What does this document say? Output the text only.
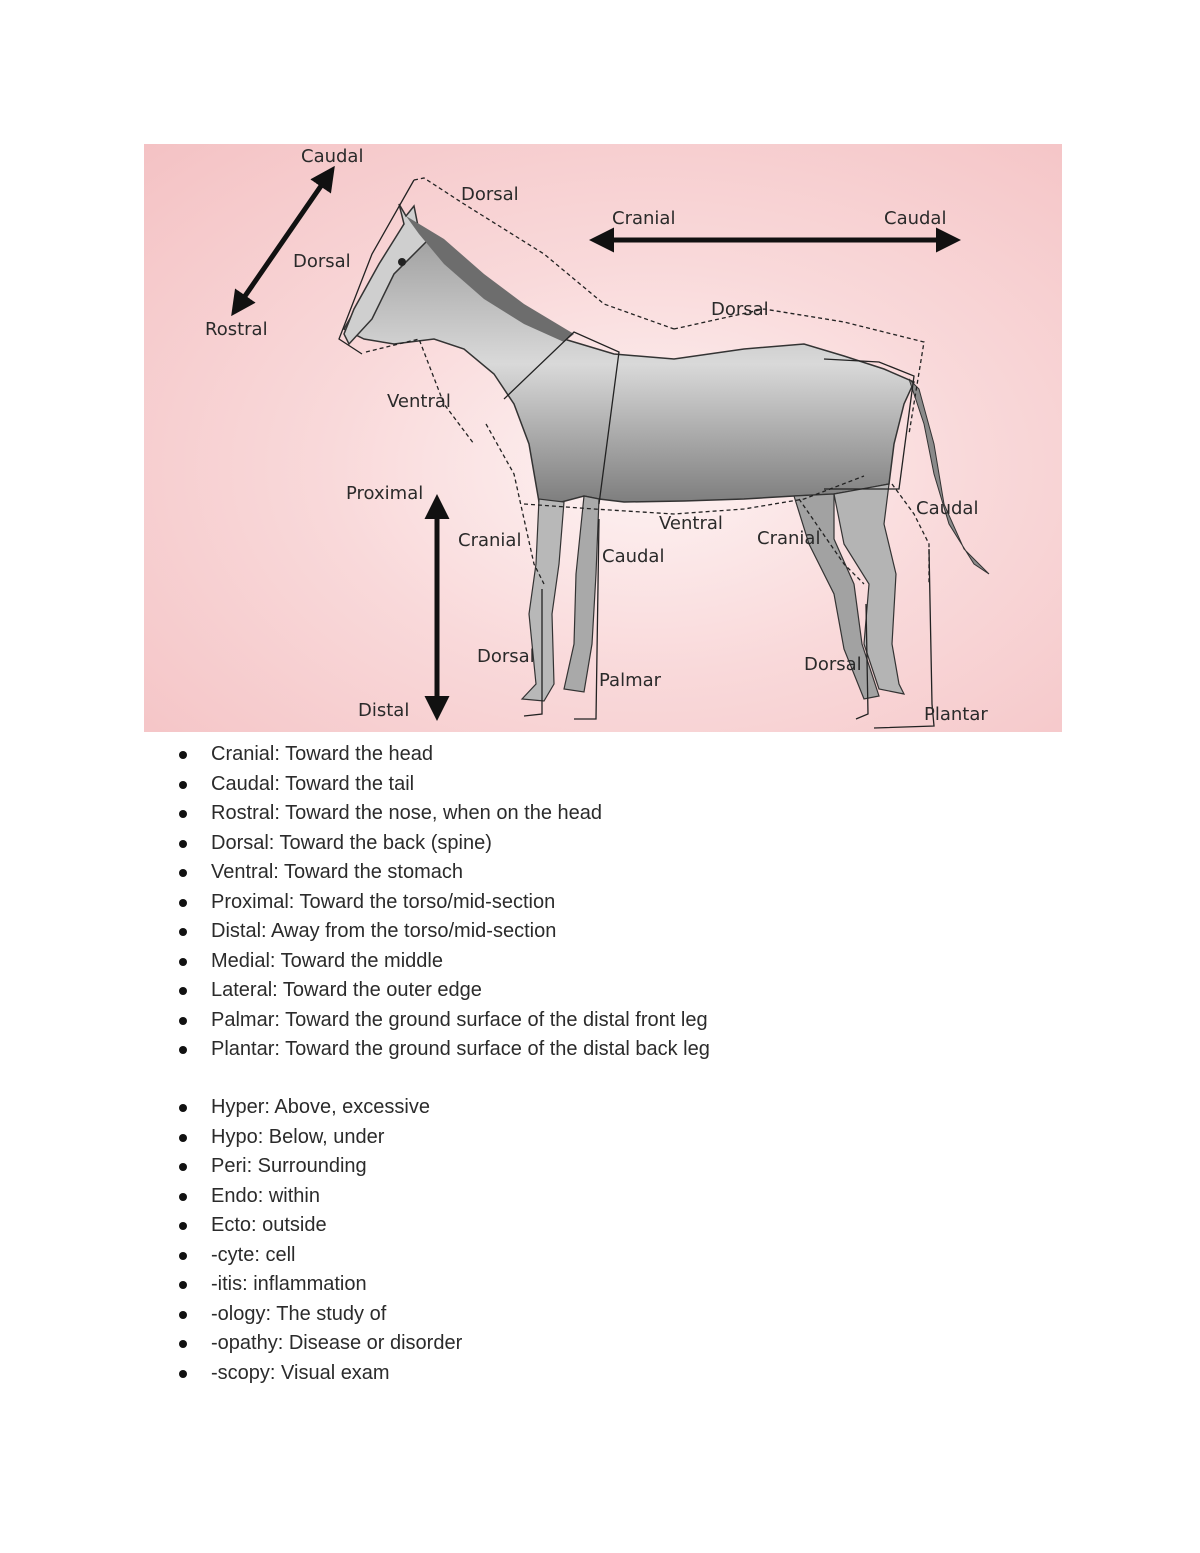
Caudal
Dorsal
Dorsal
Rostral
Cranial	Caudal
Dorsal
Ventral
Proximal
Distal
Cranial
Caudal
Ventral
Cranial
Caudal
Dorsal
Palmar
Dorsal
Plantar
Cranial: Toward the head
Caudal: Toward the tail
Rostral: Toward the nose, when on the head
Dorsal: Toward the back (spine)
Ventral: Toward the stomach
Proximal: Toward the torso/mid-section
Distal: Away from the torso/mid-section
Medial: Toward the middle
Lateral: Toward the outer edge
Palmar: Toward the ground surface of the distal front leg
Plantar: Toward the ground surface of the distal back leg
Hyper: Above, excessive
Hypo: Below, under
Peri: Surrounding
Endo: within
Ecto: outside
-cyte: cell
-itis: inflammation
-ology: The study of
-opathy: Disease or disorder
-scopy: Visual exam
